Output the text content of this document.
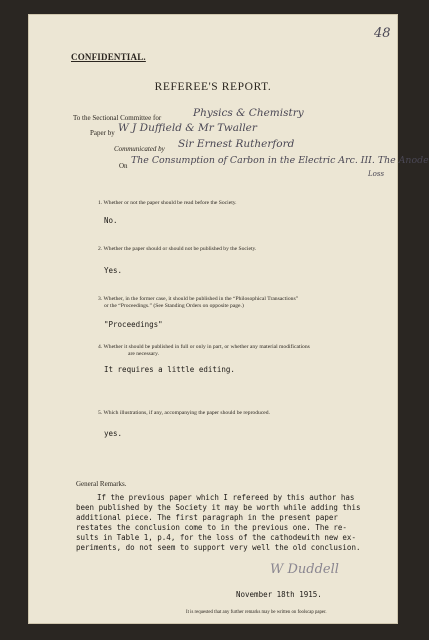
48
CONFIDENTIAL.
REFEREE'S REPORT.
To the Sectional Committee for	Physics & Chemistry
Paper by W J Duffield & Mr Twaller
Communicated by Sir Ernest Rutherford
On The Consumption of Carbon in the Electric Arc. III. The Anode
Loss
1. Whether or not the paper should be read before the Society.
No.
2. Whether the paper should or should not be published by the Society.
Yes.
3. Whether, in the former case, it should be published in the “Philosophical Transactions”
or the “Proceedings.” (See Standing Orders on opposite page.)
"Proceedings"
4. Whether it should be published in full or only in part, or whether any material modifications
are necessary.
It requires a little editing.
5. Which illustrations, if any, accompanying the paper should be reproduced.
yes.
General Remarks.
If the previous paper which I refereed by this author has
been published by the Society it may be worth while adding this
additional piece. The first paragraph in the present paper
restates the conclusion come to in the previous one. The re-
sults in Table 1, p.4, for the loss of the cathodewith new ex-
periments, do not seem to support very well the old conclusion.
W Duddell
November 18th 1915.
It is requested that any further remarks may be written on foolscap paper.
